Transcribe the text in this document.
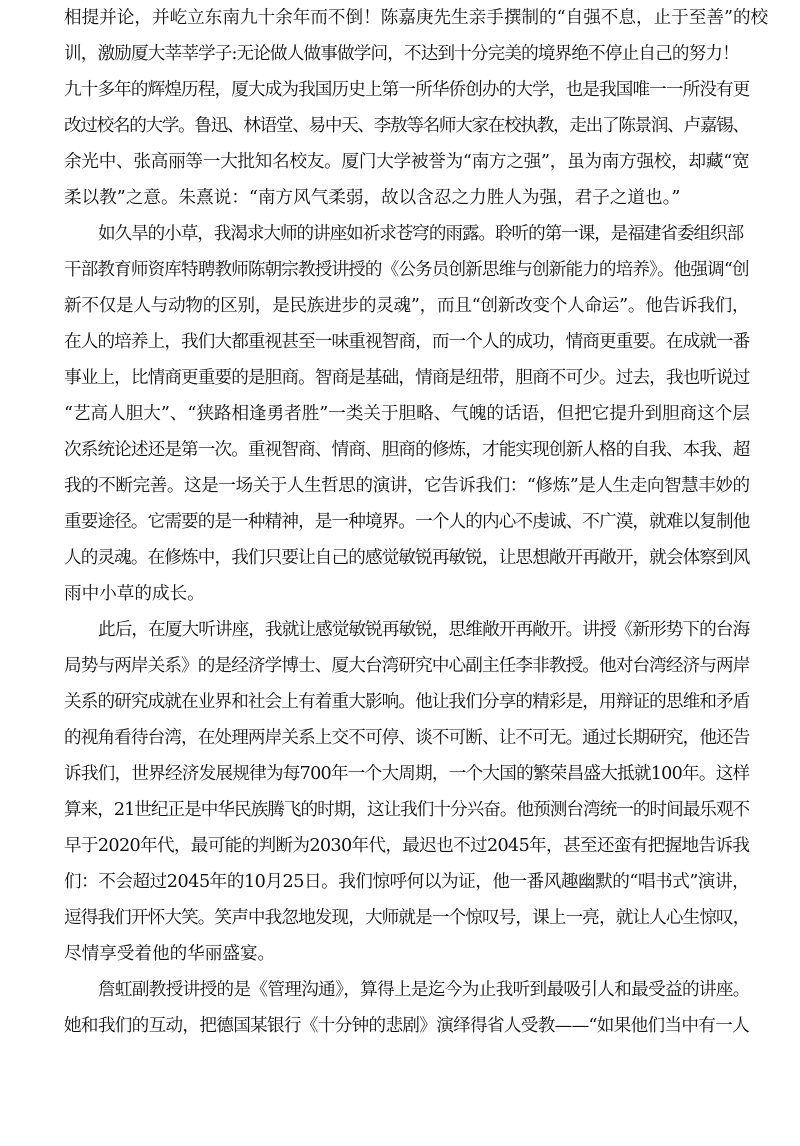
相提并论，并屹立东南九十余年而不倒！陈嘉庚先生亲手撰制的“自强不息，止于至善”的校
训，激励厦大莘莘学子:无论做人做事做学问，不达到十分完美的境界绝不停止自己的努力！
九十多年的辉煌历程，厦大成为我国历史上第一所华侨创办的大学，也是我国唯一一所没有更
改过校名的大学。鲁迅、林语堂、易中天、李敖等名师大家在校执教，走出了陈景润、卢嘉锡、
余光中、张高丽等一大批知名校友。厦门大学被誉为“南方之强”，虽为南方强校，却藏“宽
柔以教”之意。朱熹说：“南方风气柔弱，故以含忍之力胜人为强，君子之道也。”
如久旱的小草，我渴求大师的讲座如祈求苍穹的雨露。聆听的第一课，是福建省委组织部
干部教育师资库特聘教师陈朝宗教授讲授的《公务员创新思维与创新能力的培养》。他强调“创
新不仅是人与动物的区别，是民族进步的灵魂”，而且“创新改变个人命运”。他告诉我们，
在人的培养上，我们大都重视甚至一味重视智商，而一个人的成功，情商更重要。在成就一番
事业上，比情商更重要的是胆商。智商是基础，情商是纽带，胆商不可少。过去，我也听说过
“艺高人胆大”、“狭路相逢勇者胜”一类关于胆略、气魄的话语，但把它提升到胆商这个层
次系统论述还是第一次。重视智商、情商、胆商的修炼，才能实现创新人格的自我、本我、超
我的不断完善。这是一场关于人生哲思的演讲，它告诉我们：“修炼”是人生走向智慧丰妙的
重要途径。它需要的是一种精神，是一种境界。一个人的内心不虔诚、不广漠，就难以复制他
人的灵魂。在修炼中，我们只要让自己的感觉敏锐再敏锐，让思想敞开再敞开，就会体察到风
雨中小草的成长。
此后，在厦大听讲座，我就让感觉敏锐再敏锐，思维敞开再敞开。讲授《新形势下的台海
局势与两岸关系》的是经济学博士、厦大台湾研究中心副主任李非教授。他对台湾经济与两岸
关系的研究成就在业界和社会上有着重大影响。他让我们分享的精彩是，用辩证的思维和矛盾
的视角看待台湾，在处理两岸关系上交不可停、谈不可断、让不可无。通过长期研究，他还告
诉我们，世界经济发展规律为每700年一个大周期，一个大国的繁荣昌盛大抵就100年。这样
算来，21世纪正是中华民族腾飞的时期，这让我们十分兴奋。他预测台湾统一的时间最乐观不
早于2020年代，最可能的判断为2030年代，最迟也不过2045年，甚至还蛮有把握地告诉我
们：不会超过2045年的10月25日。我们惊呼何以为证，他一番风趣幽默的“唱书式”演讲，
逗得我们开怀大笑。笑声中我忽地发现，大师就是一个惊叹号，课上一亮，就让人心生惊叹，
尽情享受着他的华丽盛宴。
詹虹副教授讲授的是《管理沟通》，算得上是迄今为止我听到最吸引人和最受益的讲座。
她和我们的互动，把德国某银行《十分钟的悲剧》演绎得省人受教——“如果他们当中有一人
